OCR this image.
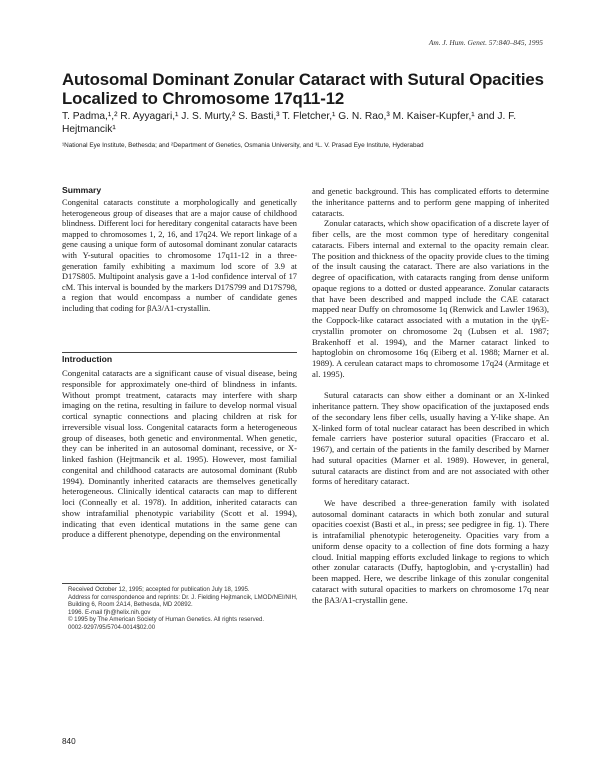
Am. J. Hum. Genet. 57:840–845, 1995
Autosomal Dominant Zonular Cataract with Sutural Opacities Localized to Chromosome 17q11-12
T. Padma,¹,² R. Ayyagari,¹ J. S. Murty,² S. Basti,³ T. Fletcher,¹ G. N. Rao,³ M. Kaiser-Kupfer,¹ and J. F. Hejtmancik¹
¹National Eye Institute, Bethesda; and ²Department of Genetics, Osmania University, and ³L. V. Prasad Eye Institute, Hyderabad
Summary
Congenital cataracts constitute a morphologically and genetically heterogeneous group of diseases that are a major cause of childhood blindness. Different loci for hereditary congenital cataracts have been mapped to chromosomes 1, 2, 16, and 17q24. We report linkage of a gene causing a unique form of autosomal dominant zonular cataracts with Y-sutural opacities to chromosome 17q11-12 in a three-generation family exhibiting a maximum lod score of 3.9 at D17S805. Multipoint analysis gave a 1-lod confidence interval of 17 cM. This interval is bounded by the markers D17S799 and D17S798, a region that would encompass a number of candidate genes including that coding for βA3/A1-crystallin.
Introduction

Congenital cataracts are a significant cause of visual disease, being responsible for approximately one-third of blindness in infants. Without prompt treatment, cataracts may interfere with sharp imaging on the retina, resulting in failure to develop normal visual cortical synaptic connections and placing children at risk for irreversible visual loss. Congenital cataracts form a heterogeneous group of diseases, both genetic and environmental. When genetic, they can be inherited in an autosomal dominant, recessive, or X-linked fashion (Hejtmancik et al. 1995). However, most familial congenital and childhood cataracts are autosomal dominant (Rubb 1994). Dominantly inherited cataracts are themselves genetically heterogeneous. Clinically identical cataracts can map to different loci (Conneally et al. 1978). In addition, inherited cataracts can show intrafamilial phenotypic variability (Scott et al. 1994), indicating that even identical mutations in the same gene can produce a different phenotype, depending on the environmental

Received October 12, 1995; accepted for publication July 18, 1995.

Address for correspondence and reprints: Dr. J. Fielding Hejtmancik, LMOD/NEI/NIH, Building 6, Room 2A14, Bethesda, MD 20892.

1996. E-mail fjh@helix.nih.gov

© 1995 by The American Society of Human Genetics. All rights reserved.

0002-9297/95/5704-0014$02.00

840

and genetic background. This has complicated efforts to determine the inheritance patterns and to perform gene mapping of inherited cataracts.

Zonular cataracts, which show opacification of a discrete layer of fiber cells, are the most common type of hereditary congenital cataracts. Fibers internal and external to the opacity remain clear. The position and thickness of the opacity provide clues to the timing of the insult causing the cataract. There are also variations in the degree of opacification, with cataracts ranging from dense uniform opaque regions to a dotted or dusted appearance. Zonular cataracts that have been described and mapped include the CAE cataract mapped near Duffy on chromosome 1q (Renwick and Lawler 1963), the Coppock-like cataract associated with a mutation in the ψγE-crystallin promoter on chromosome 2q (Lubsen et al. 1987; Brakenhoff et al. 1994), and the Marner cataract linked to haptoglobin on chromosome 16q (Eiberg et al. 1988; Marner et al. 1989). A cerulean cataract maps to chromosome 17q24 (Armitage et al. 1995).

Sutural cataracts can show either a dominant or an X-linked inheritance pattern. They show opacification of the juxtaposed ends of the secondary lens fiber cells, usually having a Y-like shape. An X-linked form of total nuclear cataract has been described in which female carriers have posterior sutural opacities (Fraccaro et al. 1967), and certain of the patients in the family described by Marner had sutural opacities (Marner et al. 1989). However, in general, sutural cataracts are distinct from and are not associated with other forms of hereditary cataract.

We have described a three-generation family with isolated autosomal dominant cataracts in which both zonular and sutural opacities coexist (Basti et al., in press; see pedigree in fig. 1). There is intrafamilial phenotypic heterogeneity. Opacities vary from a uniform dense opacity to a collection of fine dots forming a hazy cloud. Initial mapping efforts excluded linkage to regions to which other zonular cataracts (Duffy, haptoglobin, and γ-crystallin) had been mapped. Here, we describe linkage of this zonular congenital cataract with sutural opacities to markers on chromosome 17q near the βA3/A1-crystallin gene.
